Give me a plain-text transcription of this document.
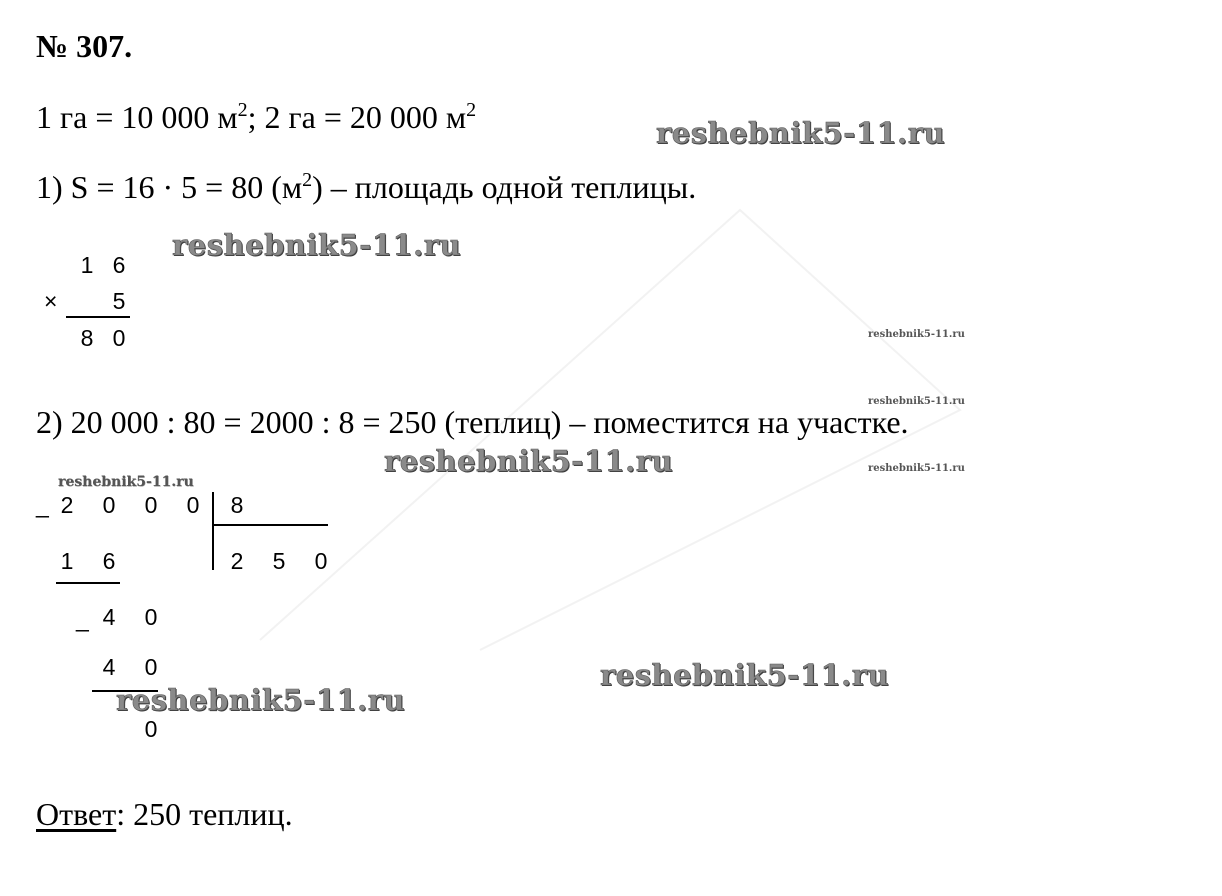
№ 307.
1 га = 10 000 $м^2$; 2 га = 20 000 $м^2$
1) S = 16 · 5 = 80 $(м^2)$ – площадь одной теплицы.
1 6
× 5
8 0
2) 20 000 : 80 = 2000 : 8 = 250 (теплиц) – поместится на участке.
_ 2 0 0 0 8
2 5 0
1 6
_ 4 0
4 0
0
Ответ: 250 теплиц.
reshebnik5-11.ru
reshebnik5-11.ru
reshebnik5-11.ru
reshebnik5-11.ru
reshebnik5-11.ru	reshebnik5-11.ru
reshebnik5-11.ru
reshebnik5-11.ru
reshebnik5-11.ru
